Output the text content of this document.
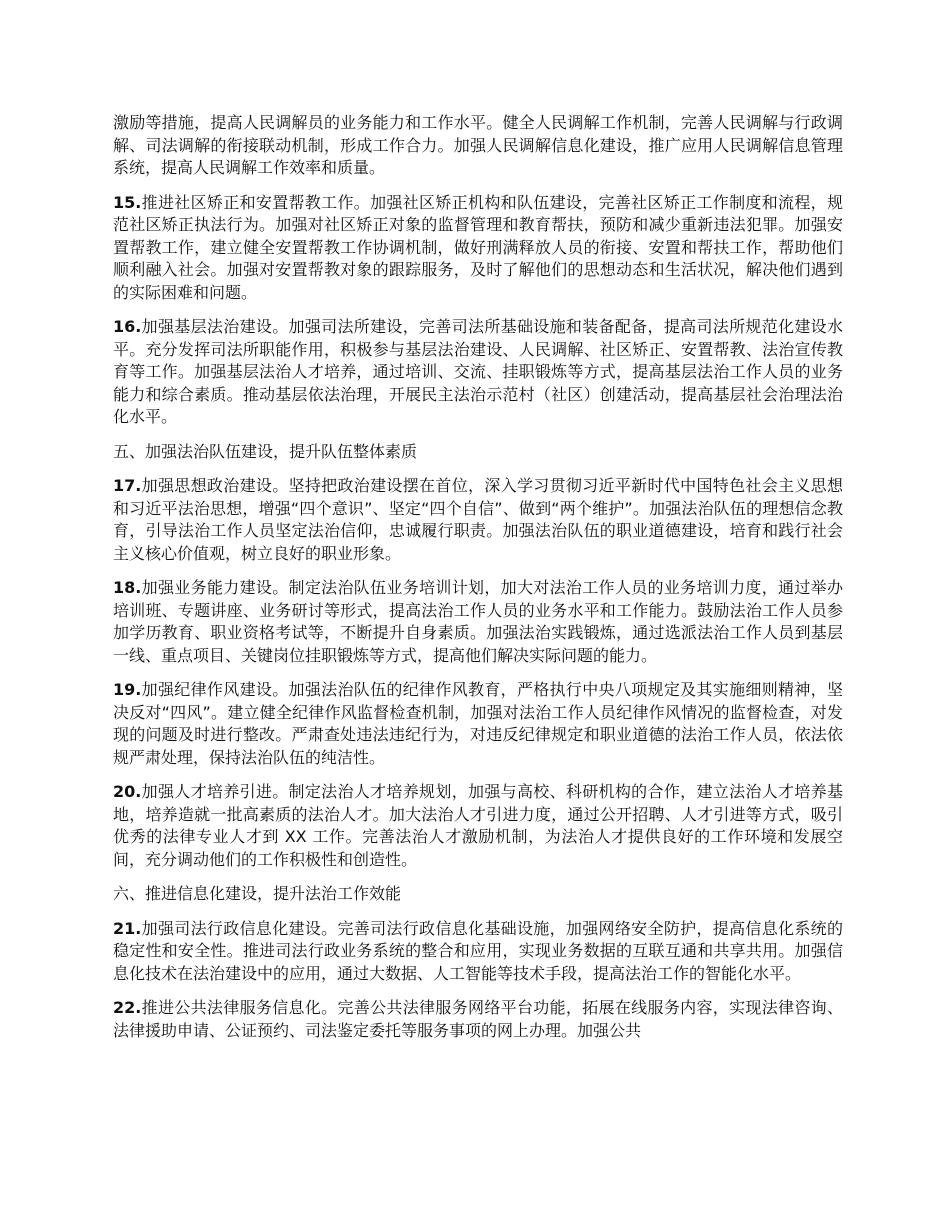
激励等措施，提高人民调解员的业务能力和工作水平。健全人民调解工作机制，完善人民调解与行政调解、司法调解的衔接联动机制，形成工作合力。加强人民调解信息化建设，推广应用人民调解信息管理系统，提高人民调解工作效率和质量。

15.推进社区矫正和安置帮教工作。加强社区矫正机构和队伍建设，完善社区矫正工作制度和流程，规范社区矫正执法行为。加强对社区矫正对象的监督管理和教育帮扶，预防和减少重新违法犯罪。加强安置帮教工作，建立健全安置帮教工作协调机制，做好刑满释放人员的衔接、安置和帮扶工作，帮助他们顺利融入社会。加强对安置帮教对象的跟踪服务，及时了解他们的思想动态和生活状况，解决他们遇到的实际困难和问题。

16.加强基层法治建设。加强司法所建设，完善司法所基础设施和装备配备，提高司法所规范化建设水平。充分发挥司法所职能作用，积极参与基层法治建设、人民调解、社区矫正、安置帮教、法治宣传教育等工作。加强基层法治人才培养，通过培训、交流、挂职锻炼等方式，提高基层法治工作人员的业务能力和综合素质。推动基层依法治理，开展民主法治示范村（社区）创建活动，提高基层社会治理法治化水平。

五、加强法治队伍建设，提升队伍整体素质

17.加强思想政治建设。坚持把政治建设摆在首位，深入学习贯彻习近平新时代中国特色社会主义思想和习近平法治思想，增强“四个意识”、坚定“四个自信”、做到“两个维护”。加强法治队伍的理想信念教育，引导法治工作人员坚定法治信仰，忠诚履行职责。加强法治队伍的职业道德建设，培育和践行社会主义核心价值观，树立良好的职业形象。

18.加强业务能力建设。制定法治队伍业务培训计划，加大对法治工作人员的业务培训力度，通过举办培训班、专题讲座、业务研讨等形式，提高法治工作人员的业务水平和工作能力。鼓励法治工作人员参加学历教育、职业资格考试等，不断提升自身素质。加强法治实践锻炼，通过选派法治工作人员到基层一线、重点项目、关键岗位挂职锻炼等方式，提高他们解决实际问题的能力。

19.加强纪律作风建设。加强法治队伍的纪律作风教育，严格执行中央八项规定及其实施细则精神，坚决反对“四风”。建立健全纪律作风监督检查机制，加强对法治工作人员纪律作风情况的监督检查，对发现的问题及时进行整改。严肃查处违法违纪行为，对违反纪律规定和职业道德的法治工作人员，依法依规严肃处理，保持法治队伍的纯洁性。

20.加强人才培养引进。制定法治人才培养规划，加强与高校、科研机构的合作，建立法治人才培养基地，培养造就一批高素质的法治人才。加大法治人才引进力度，通过公开招聘、人才引进等方式，吸引优秀的法律专业人才到 XX 工作。完善法治人才激励机制，为法治人才提供良好的工作环境和发展空间，充分调动他们的工作积极性和创造性。

六、推进信息化建设，提升法治工作效能

21.加强司法行政信息化建设。完善司法行政信息化基础设施，加强网络安全防护，提高信息化系统的稳定性和安全性。推进司法行政业务系统的整合和应用，实现业务数据的互联互通和共享共用。加强信息化技术在法治建设中的应用，通过大数据、人工智能等技术手段，提高法治工作的智能化水平。

22.推进公共法律服务信息化。完善公共法律服务网络平台功能，拓展在线服务内容，实现法律咨询、法律援助申请、公证预约、司法鉴定委托等服务事项的网上办理。加强公共
